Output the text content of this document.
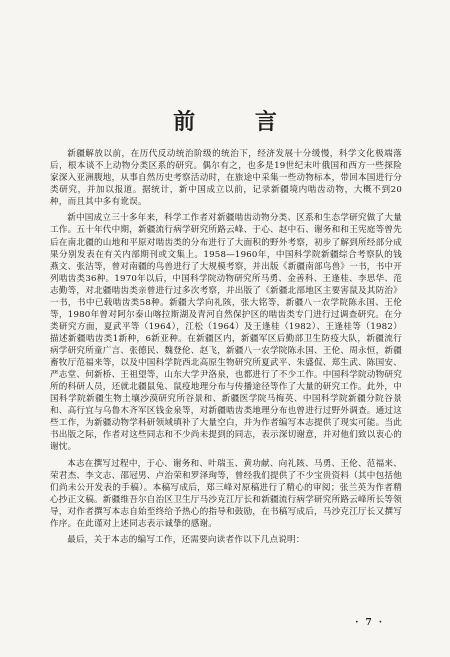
前 言

新疆解放以前，在历代反动统治阶级的统治下，经济发展十分缓慢，科学文化极端落后，根本谈不上动物分类区系的研究。偶尔有之，也多是19世纪末叶俄国和西方一些探险家深入亚洲腹地，从事自然历史考察活动时，在旅途中采集一些动物标本，带回本国进行分类研究，并加以报道。据统计，新中国成立以前，记录新疆境内啮齿动物，大概不到20种，而且其中多有讹误。

新中国成立三十多年来，科学工作者对新疆啮齿动物分类、区系和生态学研究做了大量工作。五十年代中期，新疆流行病学研究所路云峰、于心、赵中石、谢务和和王宪庭等曾先后在南北疆的山地和平原对啮齿类的分布进行了大面积的野外考察，初步了解到所经部分成果分别发表在有关内部期刊或文集上。1958—1960年，中国科学院新疆综合考察队的钱燕文、张洁等，曾对南疆的鸟兽进行了大规模考察，并出版《新疆南部鸟兽》一书，书中开列啮齿类36种。1970年以后，中国科学院动物研究所马勇、金善科、王逢桂、李思华、范志勤等，对北疆啮齿类亲曾进行过多次考察，并出版了《新疆北部地区主要害鼠及其防治》一书，书中已载啮齿类58种。新疆大学向礼陔，张大铭等，新疆八一农学院陈永国、王伦等，1980年曾对阿尔泰山喀拉斯湖及青河自然保护区的啮齿类专门进行过调查研究。在分类研究方面，夏武平等（1964），江松（1964）及王逢桂（1982）、王逢桂等（1982）描述新疆啮齿类1新种，6新亚种。在新疆区内，新疆军区后勤部卫生防疫大队，新疆流行病学研究所童广言、张德民、魏登伦、赵飞，新疆八一农学院陈永国、王伦、周永恒，新疆畜牧厅范福来等，以及中国科学院西北高原生物研究所夏武平、朱盛侃、郑生武、陈国安、严志堂、何新桥、王祖望等，山东大学尹洛泉，也都进行了不少工作。中国科学院动物研究所的科研人员，还就北疆鼠兔、鼠疫地理分布与传播途径等作了大量的研究工作。此外，中国科学院新疆生物土壤沙漠研究所谷景和、新疆医学院马梅英、中国科学院新疆分院谷景和、高行宜与乌鲁木齐军区钱金泉等，对新疆啮齿类地理分布也曾进行过野外调查。通过这些工作，为新疆动物学科研领域填补了大量空白，并为作者编写本志提供了现实可能。当此书出版之际，作者对这些同志和不少尚未提到的同志，表示深切谢意，并对他们致以衷心的谢忱。

本志在撰写过程中，于心、谢务和、叶瑞玉、黄功献、向礼陔、马勇、王伦、范福来、荣君杰、李文志、邵冠男、卢治荣和罗泽珣等，曾经我们提供了不少宝贵资料（其中包括他们尚未公开发表的手稿）。本稿写成后，郑三峰对原稿进行了精心的审阅；张兰英为作者精心抄正文稿。新疆维吾尔自治区卫生厅马沙克江厅长和新疆流行病学研究所路云峰所长等领导，对作者撰写本志自始至终给予热心的指导和鼓励，在书稿写成后，马沙克江厅长又撰写作序。在此谨对上述同志表示诚挚的感谢。

最后，关于本志的编写工作，还需要向读者作以下几点说明：

· 7 ·
